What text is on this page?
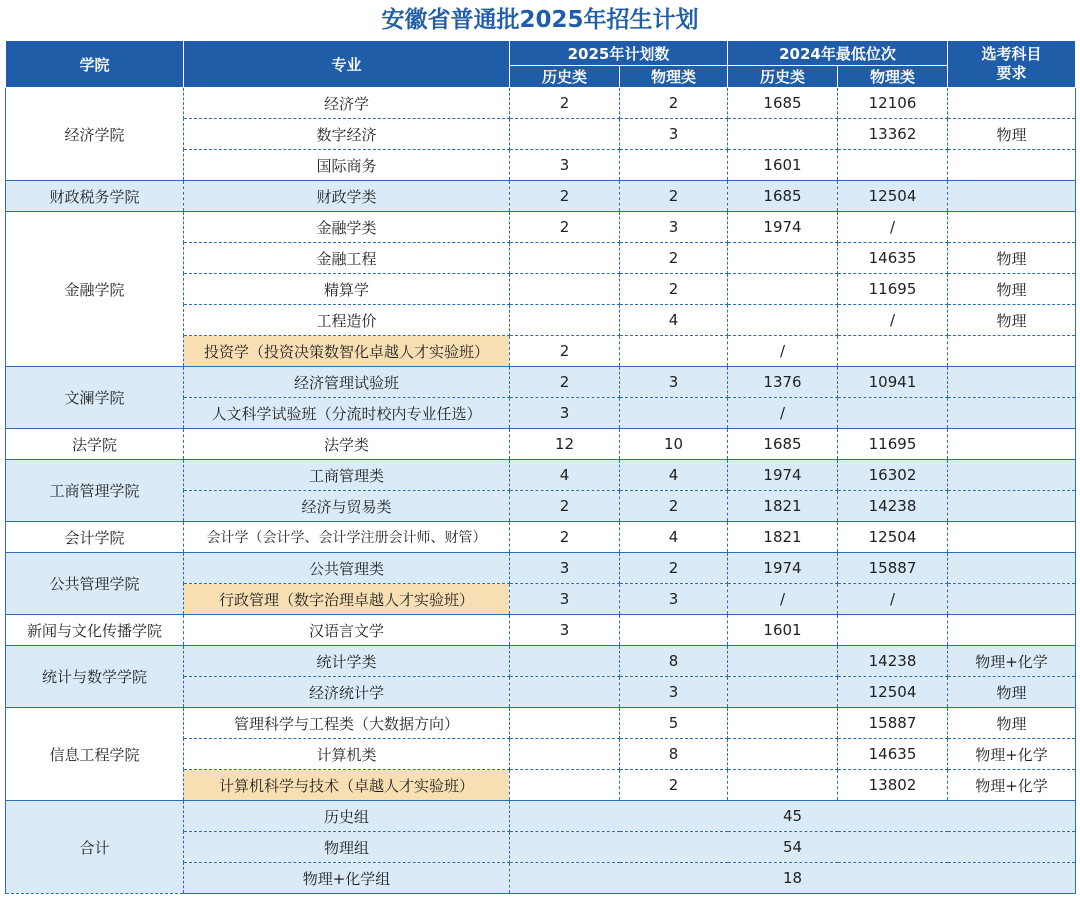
安徽省普通批2025年招生计划
学院	专业	2025年计划数		2024年最低位次		选考科目要求
		历史类	物理类	历史类	物理类	
经济学院	经济学	2	2	1685	12106	
	数字经济		3		13362	物理
	国际商务	3		1601		
财政税务学院	财政学类	2	2	1685	12504	
金融学院	金融学类	2	3	1974	/	
	金融工程		2		14635	物理
	精算学		2		11695	物理
	工程造价		4		/	物理
	投资学（投资决策数智化卓越人才实验班）	2		/		
文澜学院	经济管理试验班	2	3	1376	10941	
	人文科学试验班（分流时校内专业任选）	3		/		
法学院	法学类	12	10	1685	11695	
工商管理学院	工商管理类	4	4	1974	16302	
	经济与贸易类	2	2	1821	14238	
会计学院	会计学（会计学、会计学注册会计师、财管）	2	4	1821	12504	
公共管理学院	公共管理类	3	2	1974	15887	
	行政管理（数字治理卓越人才实验班）	3	3	/	/	
新闻与文化传播学院	汉语言文学	3		1601		
统计与数学学院	统计学类		8		14238	物理+化学
	经济统计学		3		12504	物理
信息工程学院	管理科学与工程类（大数据方向）		5		15887	物理
	计算机类		8		14635	物理+化学
	计算机科学与技术（卓越人才实验班）		2		13802	物理+化学
合计	历史组	45				
	物理组	54				
	物理+化学组	18				
